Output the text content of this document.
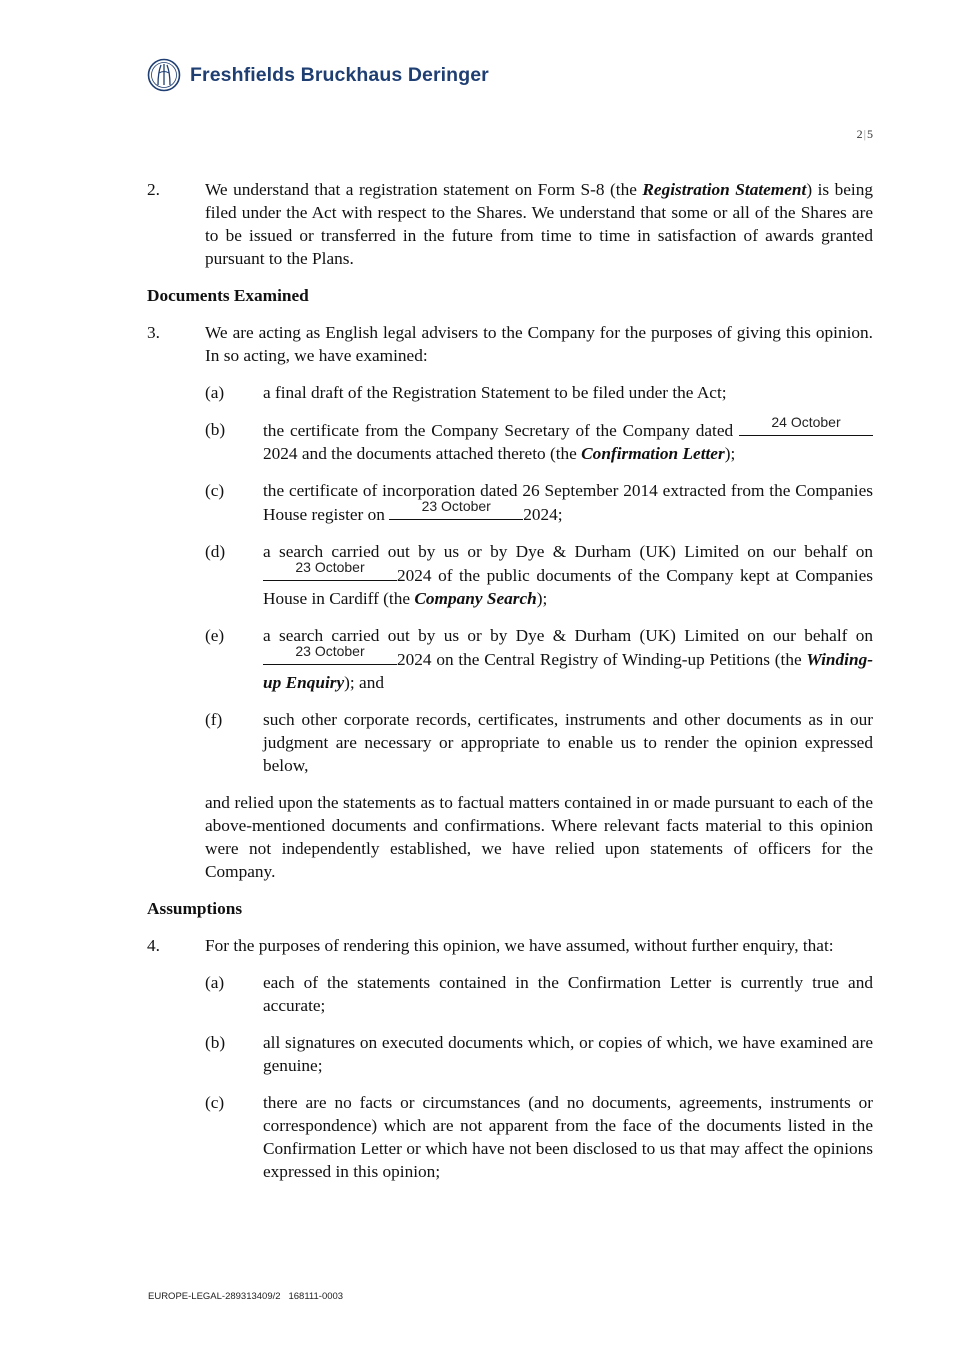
Freshfields Bruckhaus Deringer
2|5
2.	We understand that a registration statement on Form S-8 (the Registration Statement) is being filed under the Act with respect to the Shares. We understand that some or all of the Shares are to be issued or transferred in the future from time to time in satisfaction of awards granted pursuant to the Plans.
Documents Examined
3.	We are acting as English legal advisers to the Company for the purposes of giving this opinion. In so acting, we have examined:
(a)	a final draft of the Registration Statement to be filed under the Act;
(b)	the certificate from the Company Secretary of the Company dated	24 October
2024 and the documents attached thereto (the Confirmation Letter);
(c)	the certificate of incorporation dated 26 September 2014 extracted from the Companies House register on	23 October	2024;
(d)	a search carried out by us or by Dye & Durham (UK) Limited on our behalf on
23 October	2024 of the public documents of the Company kept at Companies House in Cardiff (the Company Search);
(e)	a search carried out by us or by Dye & Durham (UK) Limited on our behalf on
23 October	2024 on the Central Registry of Winding-up Petitions (the Winding-up Enquiry); and
(f)	such other corporate records, certificates, instruments and other documents as in our judgment are necessary or appropriate to enable us to render the opinion expressed below,
and relied upon the statements as to factual matters contained in or made pursuant to each of the above-mentioned documents and confirmations. Where relevant facts material to this opinion were not independently established, we have relied upon statements of officers for the Company.
Assumptions
4.	For the purposes of rendering this opinion, we have assumed, without further enquiry, that:
(a)	each of the statements contained in the Confirmation Letter is currently true and accurate;
(b)	all signatures on executed documents which, or copies of which, we have examined are genuine;
(c)	there are no facts or circumstances (and no documents, agreements, instruments or correspondence) which are not apparent from the face of the documents listed in the Confirmation Letter or which have not been disclosed to us that may affect the opinions expressed in this opinion;
EUROPE-LEGAL-289313409/2 168111-0003
